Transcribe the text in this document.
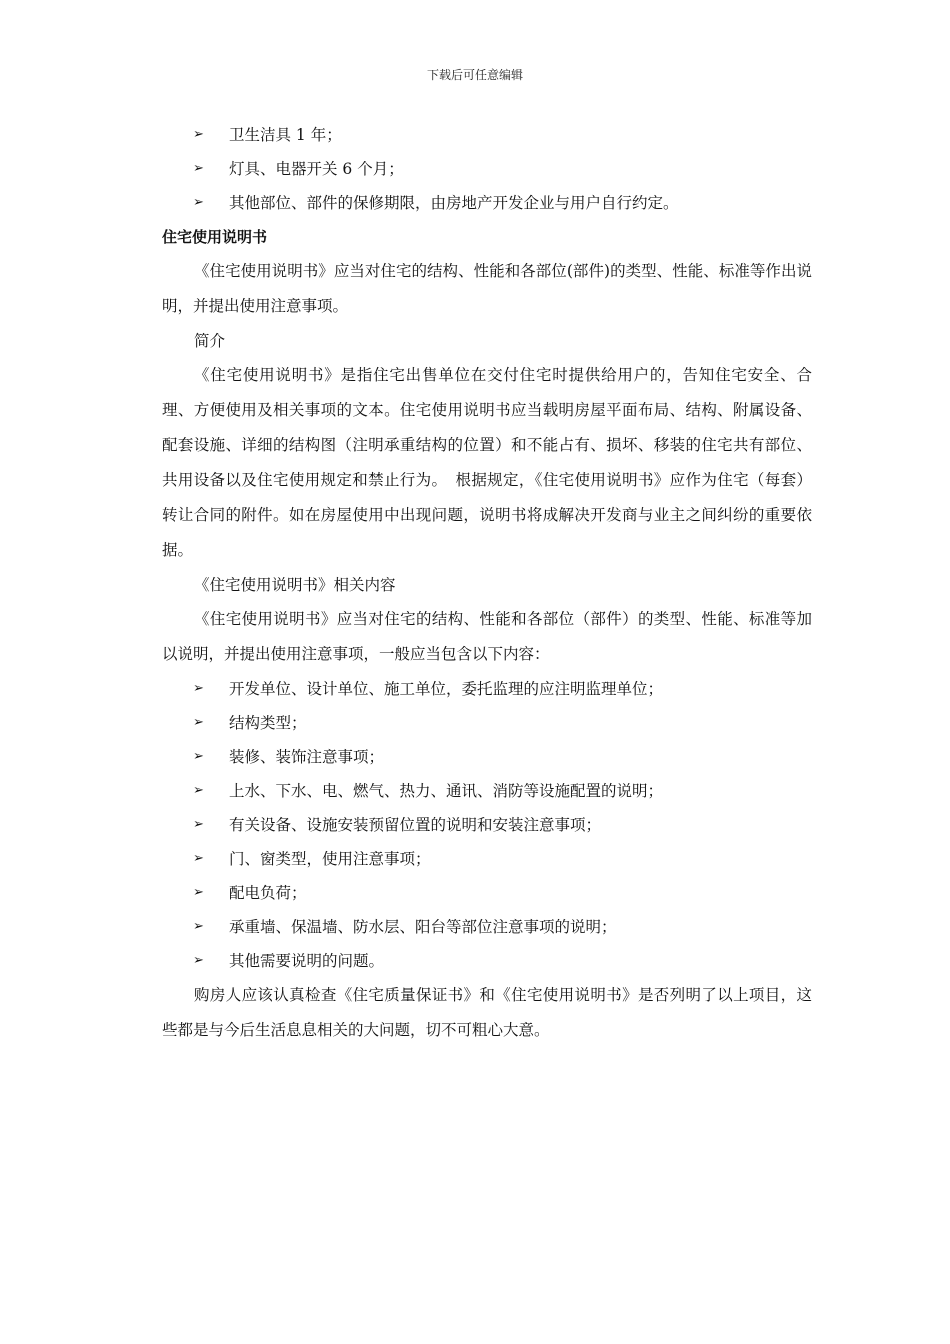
下载后可任意编辑
➢ 卫生洁具 1 年；
➢ 灯具、电器开关 6 个月；
➢ 其他部位、部件的保修期限，由房地产开发企业与用户自行约定。
住宅使用说明书

《住宅使用说明书》应当对住宅的结构、性能和各部位(部件)的类型、性能、标准等作出说明，并提出使用注意事项。

简介

《住宅使用说明书》是指住宅出售单位在交付住宅时提供给用户的，告知住宅安全、合理、方便使用及相关事项的文本。住宅使用说明书应当载明房屋平面布局、结构、附属设备、配套设施、详细的结构图（注明承重结构的位置）和不能占有、损坏、移装的住宅共有部位、共用设备以及住宅使用规定和禁止行为。　根据规定，《住宅使用说明书》应作为住宅（每套）转让合同的附件。如在房屋使用中出现问题，说明书将成解决开发商与业主之间纠纷的重要依据。

《住宅使用说明书》相关内容

《住宅使用说明书》应当对住宅的结构、性能和各部位（部件）的类型、性能、标准等加以说明，并提出使用注意事项，一般应当包含以下内容：

➢ 开发单位、设计单位、施工单位，委托监理的应注明监理单位；
➢ 结构类型；
➢ 装修、装饰注意事项；
➢ 上水、下水、电、燃气、热力、通讯、消防等设施配置的说明；
➢ 有关设备、设施安装预留位置的说明和安装注意事项；
➢ 门、窗类型，使用注意事项；
➢ 配电负荷；
➢ 承重墙、保温墙、防水层、阳台等部位注意事项的说明；
➢ 其他需要说明的问题。

购房人应该认真检查《住宅质量保证书》和《住宅使用说明书》是否列明了以上项目，这些都是与今后生活息息相关的大问题，切不可粗心大意。
